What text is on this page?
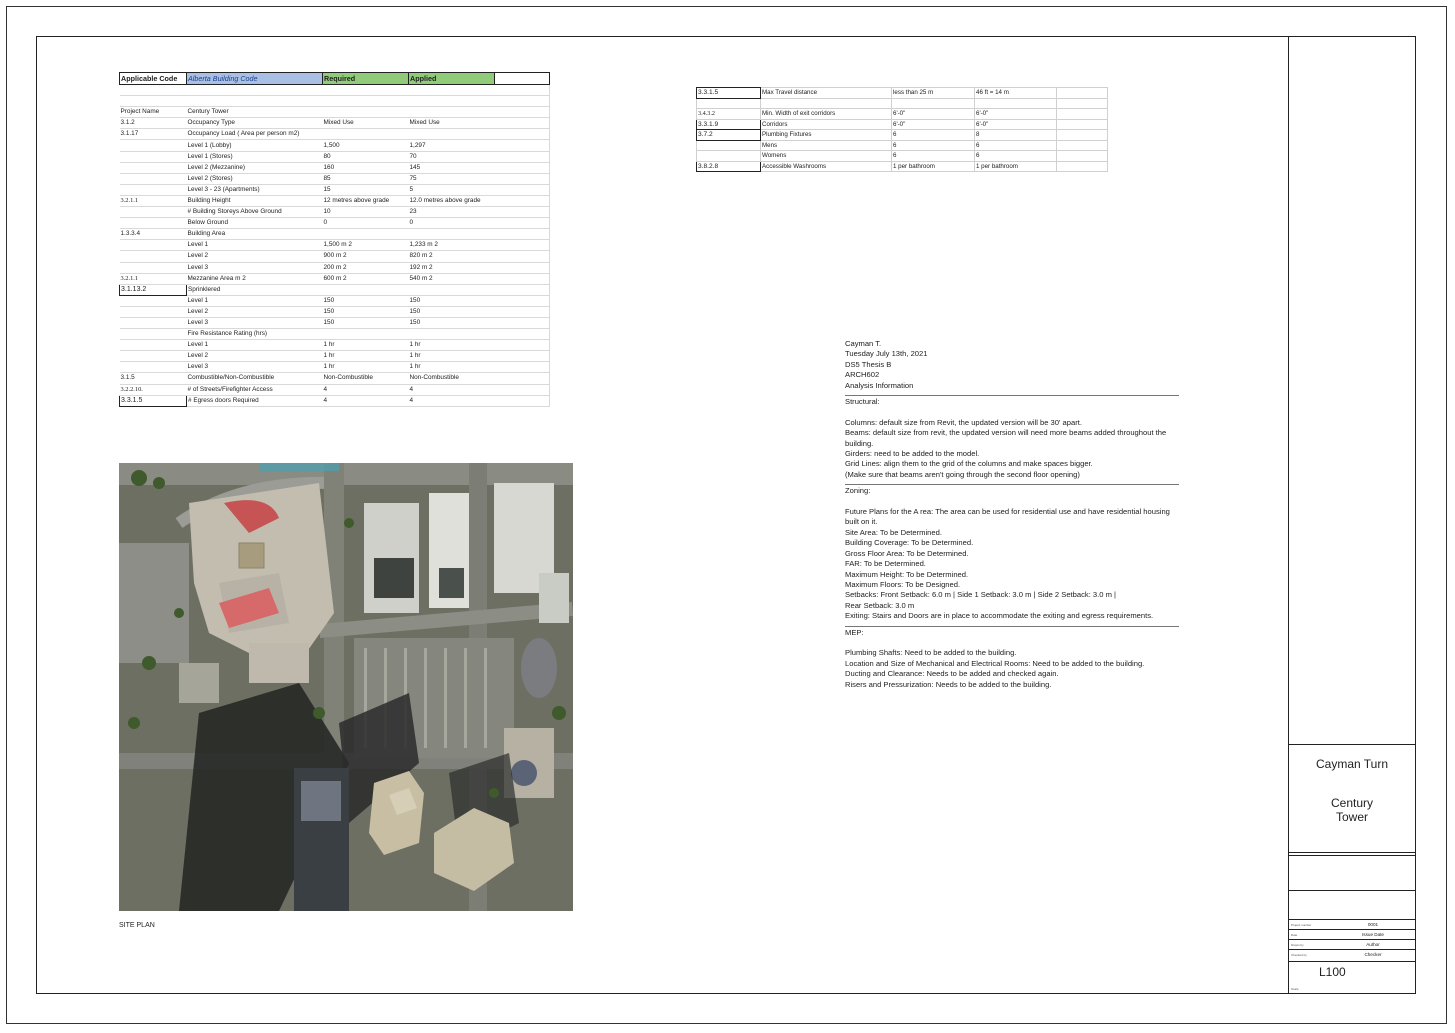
Applicable Code	Alberta Building Code	Required	Applied	

Project Name	Century Tower			
3.1.2	Occupancy Type	Mixed Use	Mixed Use	
3.1.17	Occupancy Load ( Area per person m2)			
	Level 1 (Lobby)	1,500	1,297	
	Level 1 (Stores)	80	70	
	Level 2 (Mezzanine)	160	145	
	Level 2 (Stores)	85	75	
	Level 3 - 23 (Apartments)	15	5	
3.2.1.1	Building Height	12 metres above grade	12.0 metres above grade	
	# Building Storeys Above Ground	10	23	
	Below Ground	0	0	
1.3.3.4	Building Area			
	Level 1	1,500 m 2	1,233 m 2	
	Level 2	900 m 2	820 m 2	
	Level 3	200 m 2	192 m 2	
3.2.1.1	Mezzanine Area m 2	600 m 2	540 m 2	
3.1.13.2	Sprinklered			
	Level 1	150	150	
	Level 2	150	150	
	Level 3	150	150	
	Fire Resistance Rating (hrs)			
	Level 1	1 hr	1 hr	
	Level 2	1 hr	1 hr	
	Level 3	1 hr	1 hr	
3.1.5	Combustible/Non-Combustible	Non-Combustible	Non-Combustible	
3.2.2.10.	# of Streets/Firefighter Access	4	4	
3.3.1.5	# Egress doors Required	4	4	
3.3.1.5	Max Travel distance	less than 25 m	46 ft = 14 m	

3.4.3.2	Min. Width of exit corridors	6'-0"	6'-0"	
3.3.1.9	Corridors	6'-0"	6'-0"	
3.7.2	Plumbing Fixtures	6	8	
	Mens	6	6	
	Womens	6	6	
3.8.2.8	Accessible Washrooms	1 per bathroom	1 per bathroom	
SITE PLAN
Cayman T.
Tuesday July 13th, 2021
DS5 Thesis B
ARCH602
Analysis Information
Structural:
Columns: default size from Revit, the updated version will be 30' apart.
Beams: default size from revit, the updated version will need more beams added throughout the building.
Girders: need to be added to the model.
Grid Lines: align them to the grid of the columns and make spaces bigger.
(Make sure that beams aren't going through the second floor opening)
Zoning:
Future Plans for the A rea: The area can be used for residential use and have residential housing built on it.
Site Area: To be Determined.
Building Coverage: To be Determined.
Gross Floor Area: To be Determined.
FAR: To be Determined.
Maximum Height: To be Determined.
Maximum Floors: To be Designed.
Setbacks: Front Setback: 6.0 m | Side 1 Setback: 3.0 m | Side 2 Setback: 3.0 m |
Rear Setback: 3.0 m
Exiting: Stairs and Doors are in place to accommodate the exiting and egress requirements.
MEP:
Plumbing Shafts: Need to be added to the building.
Location and Size of Mechanical and Electrical Rooms: Need to be added to the building.
Ducting and Clearance: Needs to be added and checked again.
Risers and Pressurization: Needs to be added to the building.
Cayman Turn
Century
Tower
Project number	0001
Date	Issue Date
Drawn by	Author
Checked by	Checker
L100
Scale
